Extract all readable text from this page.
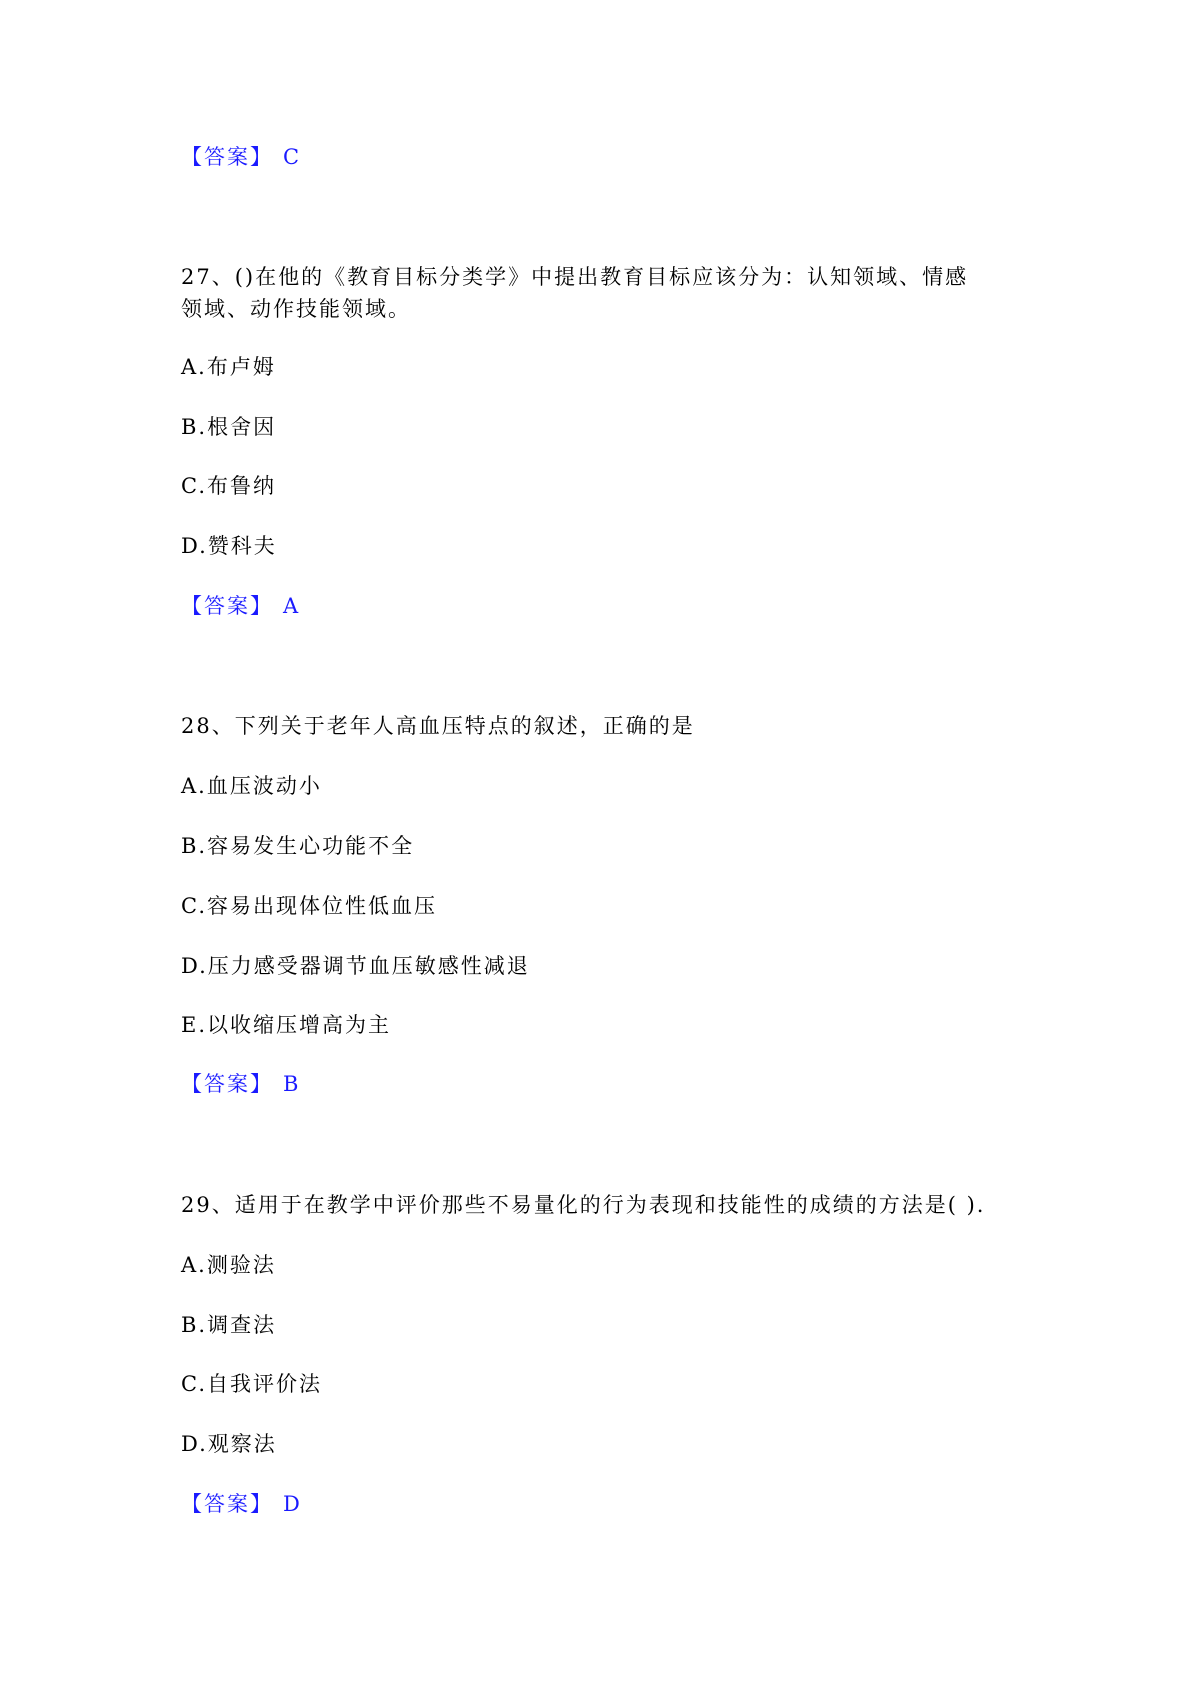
【答案】 C
27、()在他的《教育目标分类学》中提出教育目标应该分为：认知领域、情感
领域、动作技能领域。
A.布卢姆
B.根舍因
C.布鲁纳
D.赞科夫
【答案】 A
28、下列关于老年人高血压特点的叙述，正确的是
A.血压波动小
B.容易发生心功能不全
C.容易出现体位性低血压
D.压力感受器调节血压敏感性减退
E.以收缩压增高为主
【答案】 B
29、适用于在教学中评价那些不易量化的行为表现和技能性的成绩的方法是( ).
A.测验法
B.调查法
C.自我评价法
D.观察法
【答案】 D
